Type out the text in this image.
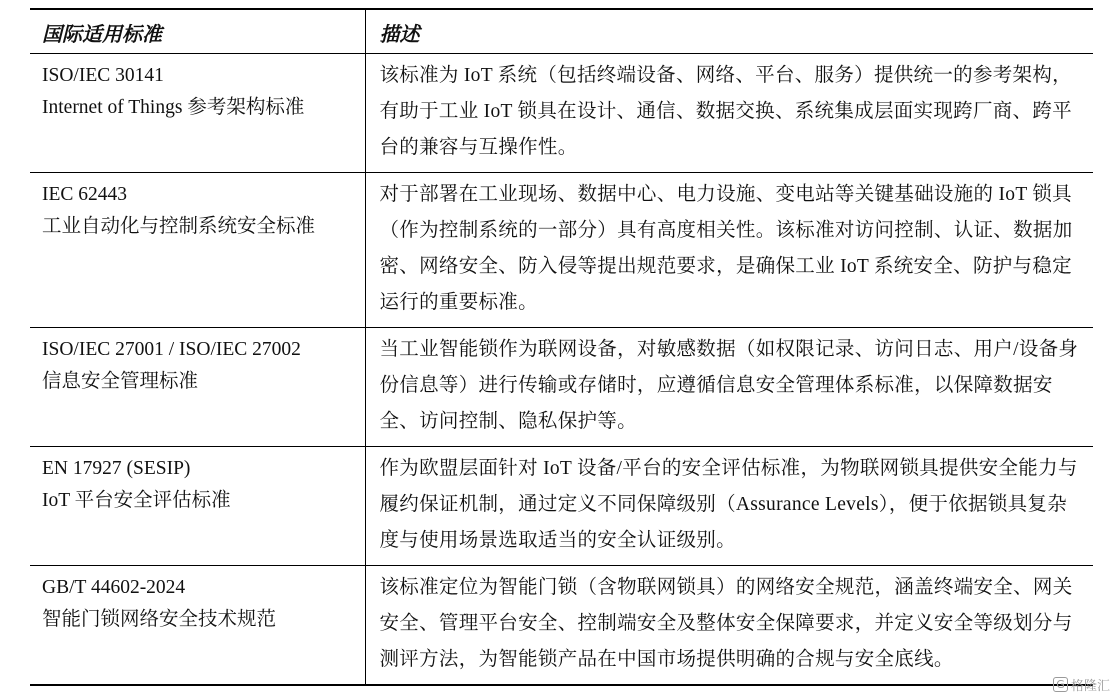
国际适用标准	描述

ISO/IEC 30141
Internet of Things 参考架构标准	该标准为 IoT 系统（包括终端设备、网络、平台、服务）提供统一的参考架构，有助于工业 IoT 锁具在设计、通信、数据交换、系统集成层面实现跨厂商、跨平台的兼容与互操作性。

IEC 62443
工业自动化与控制系统安全标准	对于部署在工业现场、数据中心、电力设施、变电站等关键基础设施的 IoT 锁具（作为控制系统的一部分）具有高度相关性。该标准对访问控制、认证、数据加密、网络安全、防入侵等提出规范要求，是确保工业 IoT 系统安全、防护与稳定运行的重要标准。

ISO/IEC 27001 / ISO/IEC 27002
信息安全管理标准	当工业智能锁作为联网设备，对敏感数据（如权限记录、访问日志、用户/设备身份信息等）进行传输或存储时，应遵循信息安全管理体系标准，以保障数据安全、访问控制、隐私保护等。

EN 17927 (SESIP)
IoT 平台安全评估标准	作为欧盟层面针对 IoT 设备/平台的安全评估标准，为物联网锁具提供安全能力与履约保证机制，通过定义不同保障级别（Assurance Levels），便于依据锁具复杂度与使用场景选取适当的安全认证级别。

GB/T 44602-2024
智能门锁网络安全技术规范	该标准定位为智能门锁（含物联网锁具）的网络安全规范，涵盖终端安全、网关安全、管理平台安全、控制端安全及整体安全保障要求，并定义安全等级划分与测评方法，为智能锁产品在中国市场提供明确的合规与安全底线。
G 格隆汇
